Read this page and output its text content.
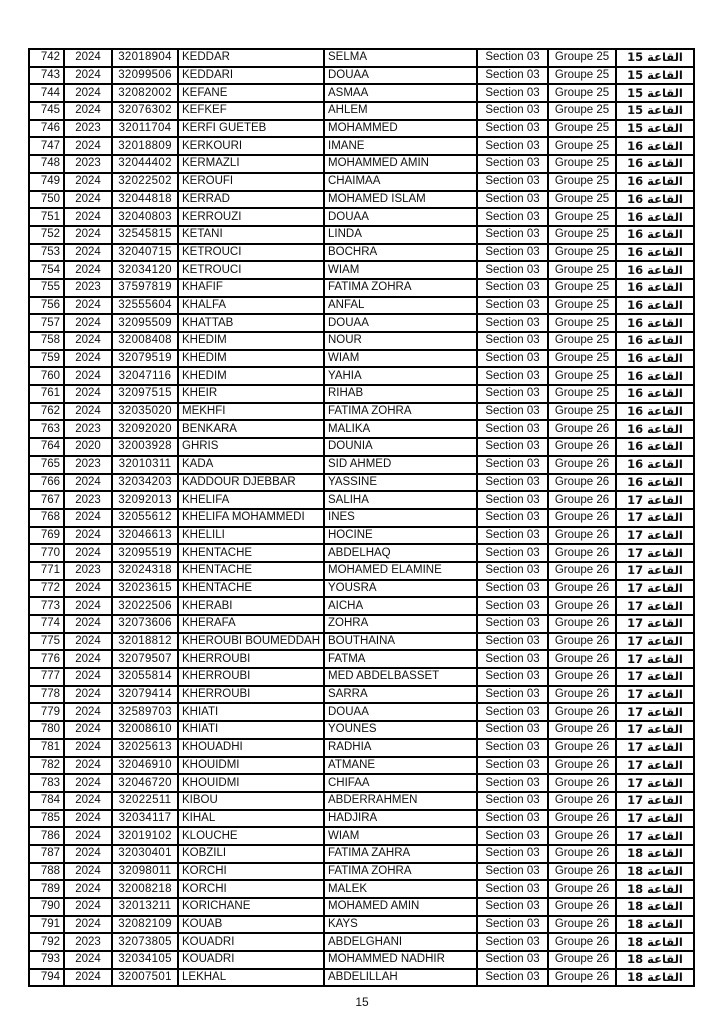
742	2024	32018904	KEDDAR	SELMA	Section 03	Groupe 25	القاعة 15
743	2024	32099506	KEDDARI	DOUAA	Section 03	Groupe 25	القاعة 15
744	2024	32082002	KEFANE	ASMAA	Section 03	Groupe 25	القاعة 15
745	2024	32076302	KEFKEF	AHLEM	Section 03	Groupe 25	القاعة 15
746	2023	32011704	KERFI GUETEB	MOHAMMED	Section 03	Groupe 25	القاعة 15
747	2024	32018809	KERKOURI	IMANE	Section 03	Groupe 25	القاعة 16
748	2023	32044402	KERMAZLI	MOHAMMED AMIN	Section 03	Groupe 25	القاعة 16
749	2024	32022502	KEROUFI	CHAIMAA	Section 03	Groupe 25	القاعة 16
750	2024	32044818	KERRAD	MOHAMED ISLAM	Section 03	Groupe 25	القاعة 16
751	2024	32040803	KERROUZI	DOUAA	Section 03	Groupe 25	القاعة 16
752	2024	32545815	KETANI	LINDA	Section 03	Groupe 25	القاعة 16
753	2024	32040715	KETROUCI	BOCHRA	Section 03	Groupe 25	القاعة 16
754	2024	32034120	KETROUCI	WIAM	Section 03	Groupe 25	القاعة 16
755	2023	37597819	KHAFIF	FATIMA ZOHRA	Section 03	Groupe 25	القاعة 16
756	2024	32555604	KHALFA	ANFAL	Section 03	Groupe 25	القاعة 16
757	2024	32095509	KHATTAB	DOUAA	Section 03	Groupe 25	القاعة 16
758	2024	32008408	KHEDIM	NOUR	Section 03	Groupe 25	القاعة 16
759	2024	32079519	KHEDIM	WIAM	Section 03	Groupe 25	القاعة 16
760	2024	32047116	KHEDIM	YAHIA	Section 03	Groupe 25	القاعة 16
761	2024	32097515	KHEIR	RIHAB	Section 03	Groupe 25	القاعة 16
762	2024	32035020	MEKHFI	FATIMA ZOHRA	Section 03	Groupe 25	القاعة 16
763	2023	32092020	BENKARA	MALIKA	Section 03	Groupe 26	القاعة 16
764	2020	32003928	GHRIS	DOUNIA	Section 03	Groupe 26	القاعة 16
765	2023	32010311	KADA	SID AHMED	Section 03	Groupe 26	القاعة 16
766	2024	32034203	KADDOUR DJEBBAR	YASSINE	Section 03	Groupe 26	القاعة 16
767	2023	32092013	KHELIFA	SALIHA	Section 03	Groupe 26	القاعة 17
768	2024	32055612	KHELIFA MOHAMMEDI	INES	Section 03	Groupe 26	القاعة 17
769	2024	32046613	KHELILI	HOCINE	Section 03	Groupe 26	القاعة 17
770	2024	32095519	KHENTACHE	ABDELHAQ	Section 03	Groupe 26	القاعة 17
771	2023	32024318	KHENTACHE	MOHAMED ELAMINE	Section 03	Groupe 26	القاعة 17
772	2024	32023615	KHENTACHE	YOUSRA	Section 03	Groupe 26	القاعة 17
773	2024	32022506	KHERABI	AICHA	Section 03	Groupe 26	القاعة 17
774	2024	32073606	KHERAFA	ZOHRA	Section 03	Groupe 26	القاعة 17
775	2024	32018812	KHEROUBI BOUMEDDAH	BOUTHAINA	Section 03	Groupe 26	القاعة 17
776	2024	32079507	KHERROUBI	FATMA	Section 03	Groupe 26	القاعة 17
777	2024	32055814	KHERROUBI	MED ABDELBASSET	Section 03	Groupe 26	القاعة 17
778	2024	32079414	KHERROUBI	SARRA	Section 03	Groupe 26	القاعة 17
779	2024	32589703	KHIATI	DOUAA	Section 03	Groupe 26	القاعة 17
780	2024	32008610	KHIATI	YOUNES	Section 03	Groupe 26	القاعة 17
781	2024	32025613	KHOUADHI	RADHIA	Section 03	Groupe 26	القاعة 17
782	2024	32046910	KHOUIDMI	ATMANE	Section 03	Groupe 26	القاعة 17
783	2024	32046720	KHOUIDMI	CHIFAA	Section 03	Groupe 26	القاعة 17
784	2024	32022511	KIBOU	ABDERRAHMEN	Section 03	Groupe 26	القاعة 17
785	2024	32034117	KIHAL	HADJIRA	Section 03	Groupe 26	القاعة 17
786	2024	32019102	KLOUCHE	WIAM	Section 03	Groupe 26	القاعة 17
787	2024	32030401	KOBZILI	FATIMA ZAHRA	Section 03	Groupe 26	القاعة 18
788	2024	32098011	KORCHI	FATIMA ZOHRA	Section 03	Groupe 26	القاعة 18
789	2024	32008218	KORCHI	MALEK	Section 03	Groupe 26	القاعة 18
790	2024	32013211	KORICHANE	MOHAMED AMIN	Section 03	Groupe 26	القاعة 18
791	2024	32082109	KOUAB	KAYS	Section 03	Groupe 26	القاعة 18
792	2023	32073805	KOUADRI	ABDELGHANI	Section 03	Groupe 26	القاعة 18
793	2024	32034105	KOUADRI	MOHAMMED NADHIR	Section 03	Groupe 26	القاعة 18
794	2024	32007501	LEKHAL	ABDELILLAH	Section 03	Groupe 26	القاعة 18
15
